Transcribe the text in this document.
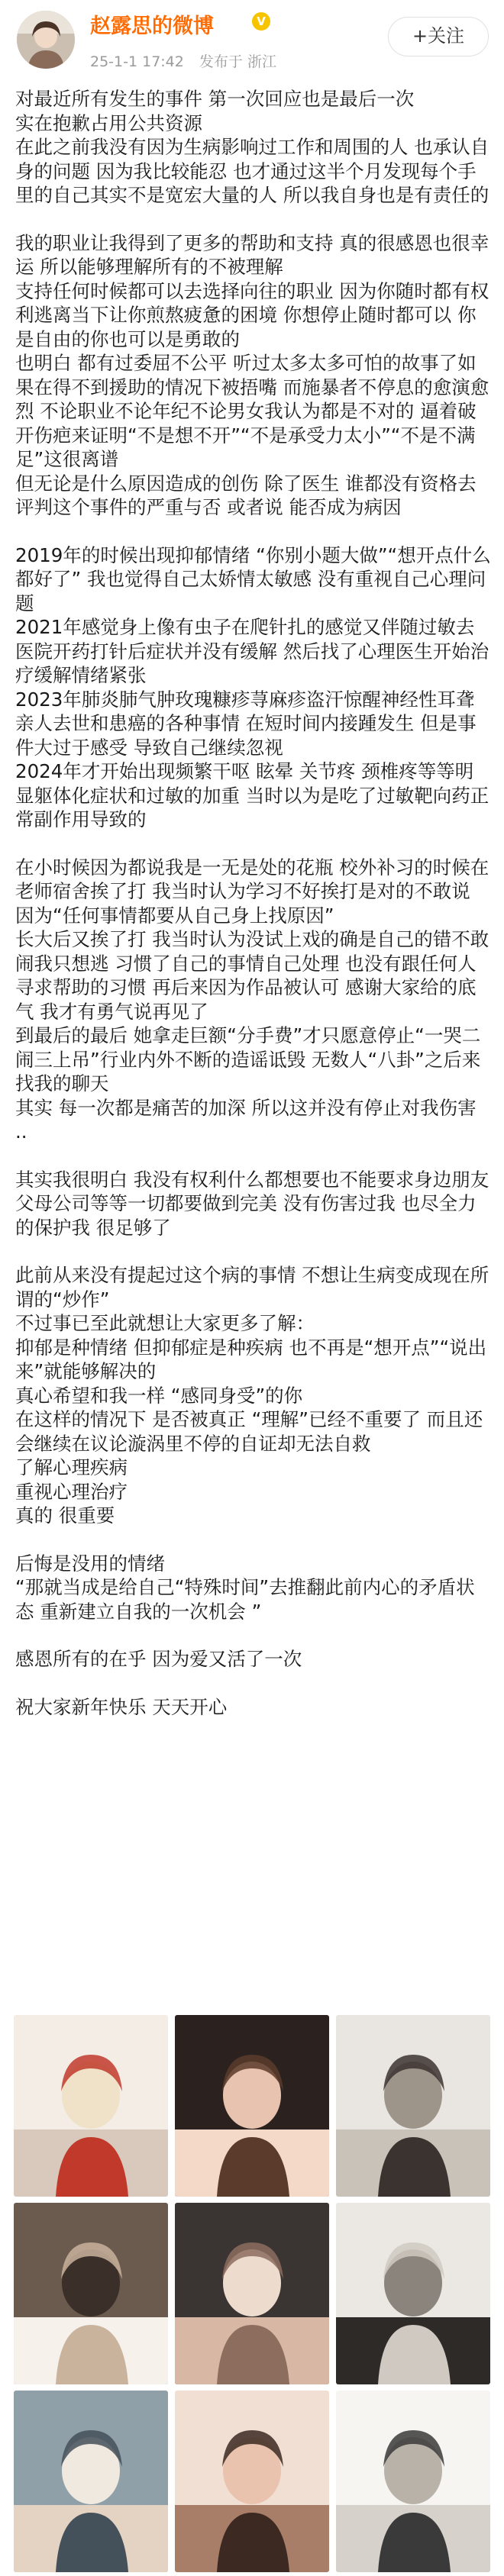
赵露思的微博	V
25-1-1 17:42 发布于 浙江
+关注
对最近所有发生的事件 第一次回应也是最后一次
实在抱歉占用公共资源
在此之前我没有因为生病影响过工作和周围的人 也承认自身的问题 因为我比较能忍 也才通过这半个月发现每个手里的自己其实不是宽宏大量的人 所以我自身也是有责任的
我的职业让我得到了更多的帮助和支持 真的很感恩也很幸运 所以能够理解所有的不被理解
支持任何时候都可以去选择向往的职业 因为你随时都有权利逃离当下让你煎熬疲惫的困境 你想停止随时都可以 你是自由的你也可以是勇敢的
也明白 都有过委屈不公平 听过太多太多可怕的故事了如果在得不到援助的情况下被捂嘴 而施暴者不停息的愈演愈烈 不论职业不论年纪不论男女我认为都是不对的 逼着破开伤疤来证明“不是想不开”“不是承受力太小”“不是不满足”这很离谱
但无论是什么原因造成的创伤 除了医生 谁都没有资格去评判这个事件的严重与否 或者说 能否成为病因
2019年的时候出现抑郁情绪 “你别小题大做”“想开点什么都好了” 我也觉得自己太娇情太敏感 没有重视自己心理问题
2021年感觉身上像有虫子在爬针扎的感觉又伴随过敏去医院开药打针后症状并没有缓解 然后找了心理医生开始治疗缓解情绪紧张
2023年肺炎肺气肿玫瑰糠疹荨麻疹盗汗惊醒神经性耳聋 亲人去世和患癌的各种事情 在短时间内接踵发生 但是事件大过于感受 导致自己继续忽视
2024年才开始出现频繁干呕 眩晕 关节疼 颈椎疼等等明显躯体化症状和过敏的加重 当时以为是吃了过敏靶向药正常副作用导致的
在小时候因为都说我是一无是处的花瓶 校外补习的时候在老师宿舍挨了打 我当时认为学习不好挨打是对的不敢说 因为“任何事情都要从自己身上找原因”
长大后又挨了打 我当时认为没试上戏的确是自己的错不敢闹我只想逃 习惯了自己的事情自己处理 也没有跟任何人寻求帮助的习惯 再后来因为作品被认可 感谢大家给的底气 我才有勇气说再见了
到最后的最后 她拿走巨额“分手费”才只愿意停止“一哭二闹三上吊”行业内外不断的造谣诋毁 无数人“八卦”之后来找我的聊天
其实 每一次都是痛苦的加深 所以这并没有停止对我伤害 ..
其实我很明白 我没有权利什么都想要也不能要求身边朋友父母公司等等一切都要做到完美 没有伤害过我 也尽全力的保护我 很足够了
此前从来没有提起过这个病的事情 不想让生病变成现在所谓的“炒作”
不过事已至此就想让大家更多了解：
抑郁是种情绪 但抑郁症是种疾病 也不再是“想开点”“说出来”就能够解决的
真心希望和我一样 “感同身受”的你
在这样的情况下 是否被真正 “理解”已经不重要了 而且还会继续在议论漩涡里不停的自证却无法自救
了解心理疾病
重视心理治疗
真的 很重要
后悔是没用的情绪
“那就当成是给自己“特殊时间”去推翻此前内心的矛盾状态 重新建立自我的一次机会 ”
感恩所有的在乎 因为爱又活了一次
祝大家新年快乐 天天开心
